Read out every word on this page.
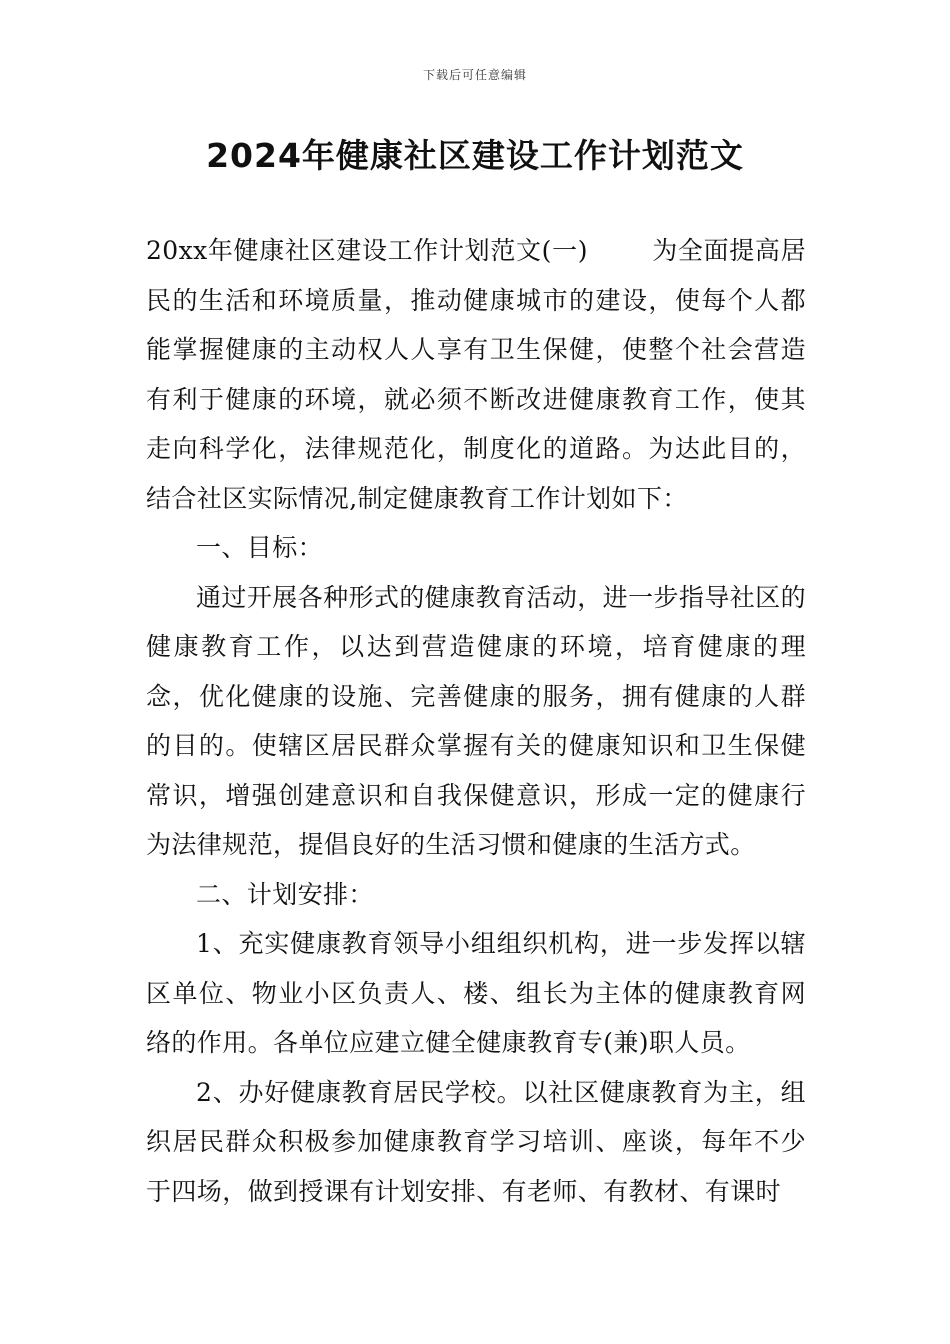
下载后可任意编辑
2024年健康社区建设工作计划范文

20xx年健康社区建设工作计划范文(一)	为全面提高居民的生活和环境质量，推动健康城市的建设，使每个人都能掌握健康的主动权人人享有卫生保健，使整个社会营造有利于健康的环境，就必须不断改进健康教育工作，使其走向科学化，法律规范化，制度化的道路。为达此目的，结合社区实际情况,制定健康教育工作计划如下：

一、目标：

通过开展各种形式的健康教育活动，进一步指导社区的健康教育工作，以达到营造健康的环境，培育健康的理念，优化健康的设施、完善健康的服务，拥有健康的人群的目的。使辖区居民群众掌握有关的健康知识和卫生保健常识，增强创建意识和自我保健意识，形成一定的健康行为法律规范，提倡良好的生活习惯和健康的生活方式。

二、计划安排：

1、充实健康教育领导小组组织机构，进一步发挥以辖区单位、物业小区负责人、楼、组长为主体的健康教育网络的作用。各单位应建立健全健康教育专(兼)职人员。

2、办好健康教育居民学校。以社区健康教育为主，组织居民群众积极参加健康教育学习培训、座谈，每年不少于四场，做到授课有计划安排、有老师、有教材、有课时
